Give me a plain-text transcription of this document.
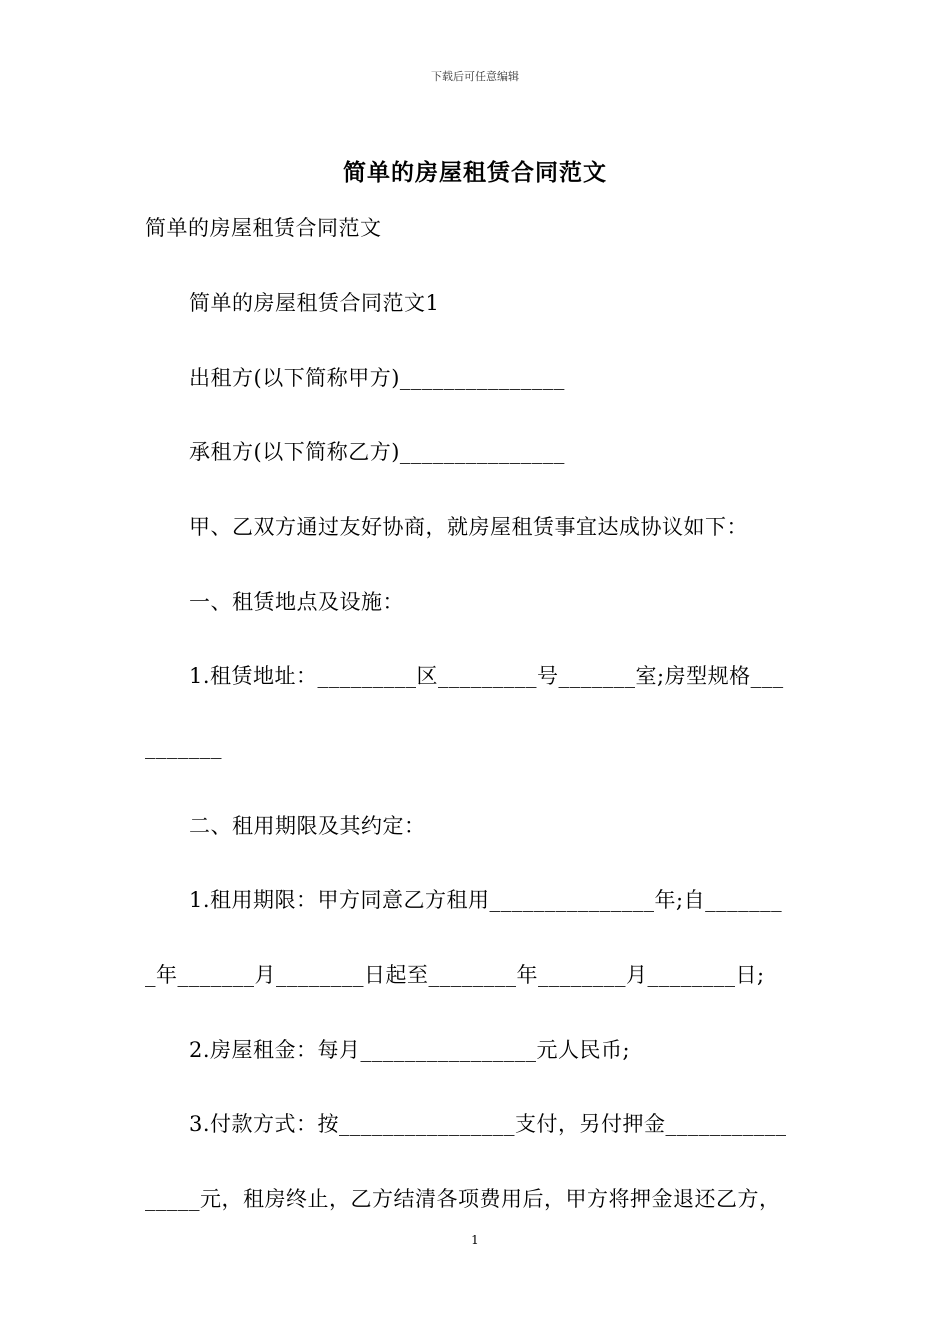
下载后可任意编辑
简单的房屋租赁合同范文
简单的房屋租赁合同范文
简单的房屋租赁合同范文1
出租方(以下简称甲方)_______________
承租方(以下简称乙方)_______________
甲、乙双方通过友好协商，就房屋租赁事宜达成协议如下：
一、租赁地点及设施：
1.租赁地址：_________区_________号_______室;房型规格___
_______
二、租用期限及其约定：
1.租用期限：甲方同意乙方租用_______________年;自_______
_年_______月________日起至________年________月________日;
2.房屋租金：每月________________元人民币;
3.付款方式：按________________支付，另付押金___________
_____元，租房终止，乙方结清各项费用后，甲方将押金退还乙方，
1
